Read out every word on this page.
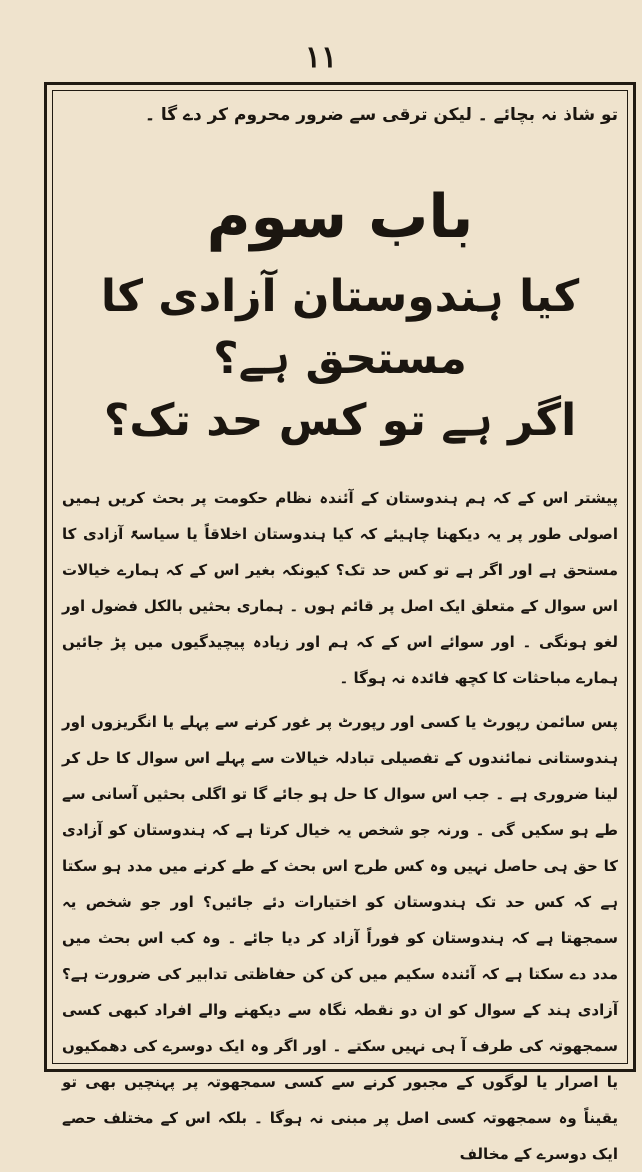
۱۱

تو شاذ نہ بچائے ۔ لیکن ترقی سے ضرور محروم کر دے گا ۔

باب سوم
کیا ہندوستان آزادی کا مستحق ہے؟
اگر ہے تو کس حد تک؟

پیشتر اس کے کہ ہم ہندوستان کے آئندہ نظام حکومت پر بحث کریں ہمیں اصولی طور پر یہ دیکھنا چاہیئے کہ کیا ہندوستان اخلاقاً یا سیاسۃً آزادی کا مستحق ہے اور اگر ہے تو کس حد تک؟ کیونکہ بغیر اس کے کہ ہمارے خیالات اس سوال کے متعلق ایک اصل پر قائم ہوں ۔ ہماری بحثیں بالکل فضول اور لغو ہونگی ۔ اور سوائے اس کے کہ ہم اور زیادہ پیچیدگیوں میں پڑ جائیں ہمارے مباحثات کا کچھ فائدہ نہ ہوگا ۔

پس سائمن رپورٹ یا کسی اور رپورٹ پر غور کرنے سے پہلے یا انگریزوں اور ہندوستانی نمائندوں کے تفصیلی تبادلہ خیالات سے پہلے اس سوال کا حل کر لینا ضروری ہے ۔ جب اس سوال کا حل ہو جائے گا تو اگلی بحثیں آسانی سے طے ہو سکیں گی ۔ ورنہ جو شخص یہ خیال کرتا ہے کہ ہندوستان کو آزادی کا حق ہی حاصل نہیں وہ کس طرح اس بحث کے طے کرنے میں مدد ہو سکتا ہے کہ کس حد تک ہندوستان کو اختیارات دئے جائیں؟ اور جو شخص یہ سمجھتا ہے کہ ہندوستان کو فوراً آزاد کر دیا جائے ۔ وہ کب اس بحث میں مدد دے سکتا ہے کہ آئندہ سکیم میں کن کن حفاظتی تدابیر کی ضرورت ہے؟ آزادی ہند کے سوال کو ان دو نقطہ نگاہ سے دیکھنے والے افراد کبھی کسی سمجھوتہ کی طرف آ ہی نہیں سکتے ۔ اور اگر وہ ایک دوسرے کی دھمکیوں یا اصرار یا لوگوں کے مجبور کرنے سے کسی سمجھوتہ پر پہنچیں بھی تو یقیناً وہ سمجھوتہ کسی اصل پر مبنی نہ ہوگا ۔ بلکہ اس کے مختلف حصے ایک دوسرے کے مخالف
